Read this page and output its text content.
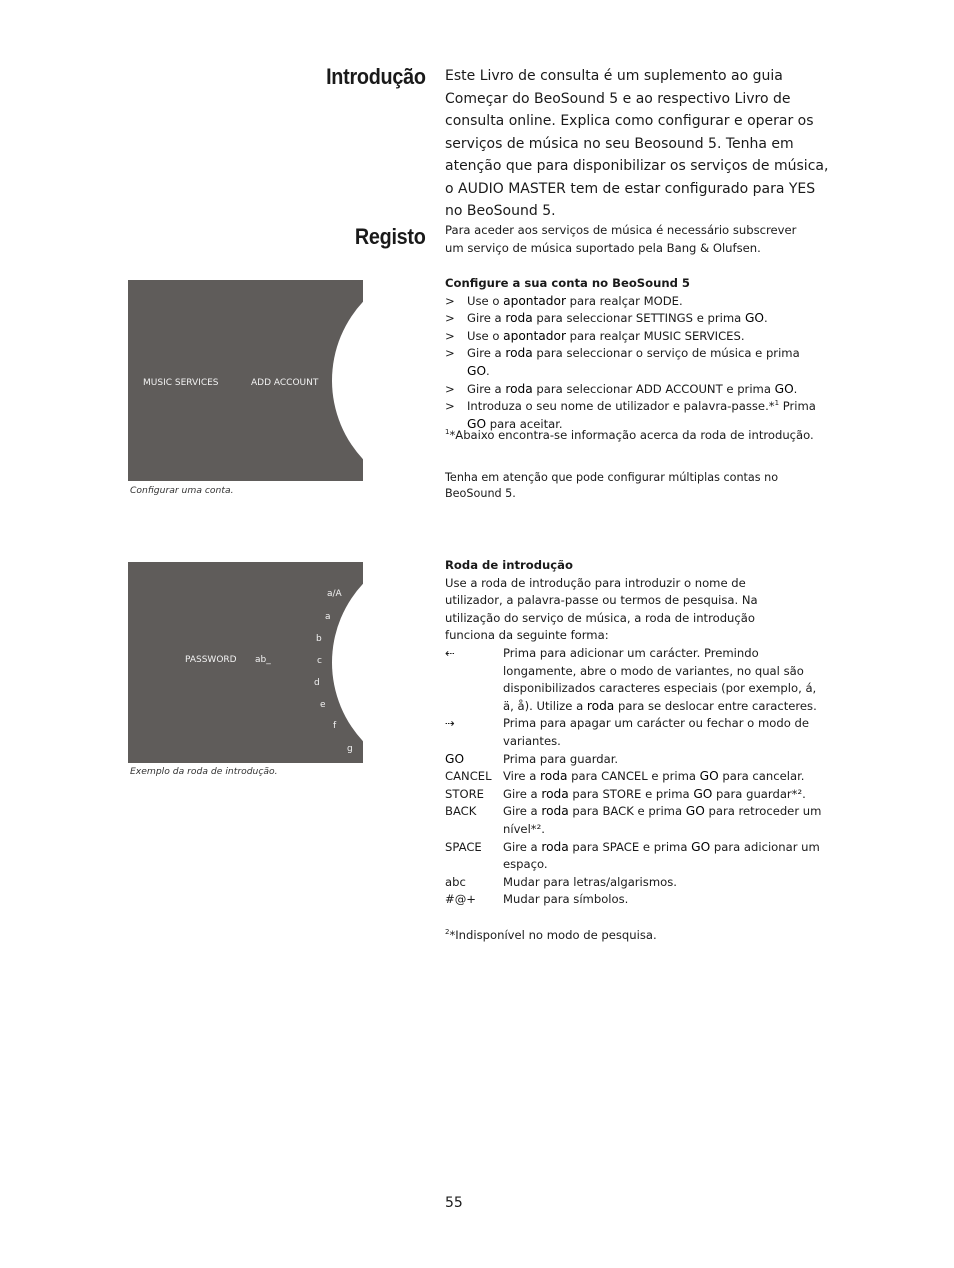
Introdução
Registo
Este Livro de consulta é um suplemento ao guia Começar do BeoSound 5 e ao respectivo Livro de consulta online. Explica como configurar e operar os serviços de música no seu Beosound 5. Tenha em atenção que para disponibilizar os serviços de música, o AUDIO MASTER tem de estar configurado para YES no BeoSound 5.
Para aceder aos serviços de música é necessário subscrever um serviço de música suportado pela Bang & Olufsen.
Configure a sua conta no BeoSound 5
> Use o apontador para realçar MODE.
> Gire a roda para seleccionar SETTINGS e prima GO.
> Use o apontador para realçar MUSIC SERVICES.
> Gire a roda para seleccionar o serviço de música e prima GO.
> Gire a roda para seleccionar ADD ACCOUNT e prima GO.
> Introduza o seu nome de utilizador e palavra-passe.*$^1$ Prima GO para aceitar.
$^1$*Abaixo encontra-se informação acerca da roda de introdução.
Tenha em atenção que pode configurar múltiplas contas no BeoSound 5.
MUSIC SERVICES	ADD ACCOUNT
Configurar uma conta.
PASSWORD ab_
a/A
a
b
c
d
e
f
g
Exemplo da roda de introdução.
Roda de introdução
Use a roda de introdução para introduzir o nome de utilizador, a palavra-passe ou termos de pesquisa. Na utilização do serviço de música, a roda de introdução funciona da seguinte forma:
⇠	Prima para adicionar um carácter. Premindo longamente, abre o modo de variantes, no qual são disponibilizados caracteres especiais (por exemplo, á, ä, å). Utilize a roda para se deslocar entre caracteres.
⇢	Prima para apagar um carácter ou fechar o modo de variantes.
GO	Prima para guardar.
CANCEL Vire a roda para CANCEL e prima GO para cancelar.
STORE	Gire a roda para STORE e prima GO para guardar*².
BACK	Gire a roda para BACK e prima GO para retroceder um nível*².
SPACE	Gire a roda para SPACE e prima GO para adicionar um espaço.
abc	Mudar para letras/algarismos.
#@+	Mudar para símbolos.
$^2$*Indisponível no modo de pesquisa.
55
